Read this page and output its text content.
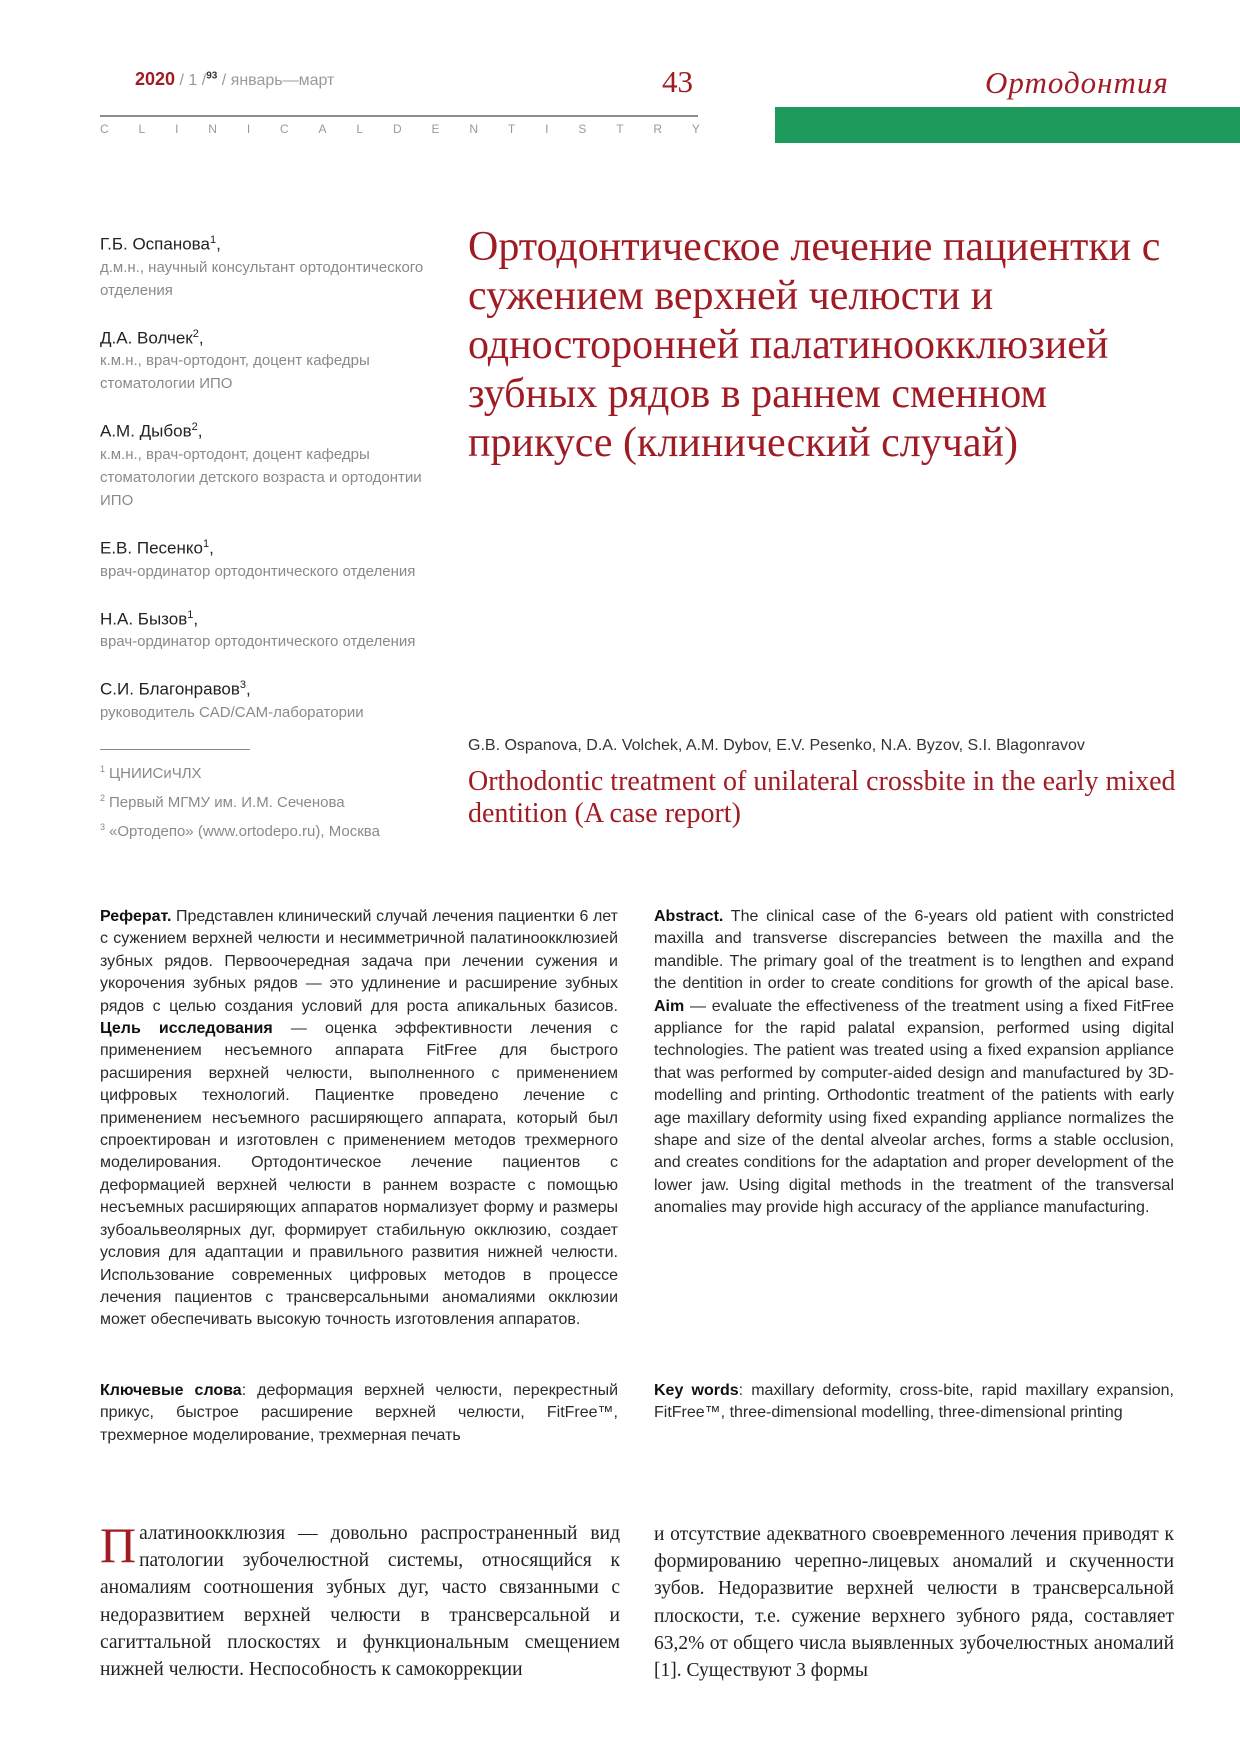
2020 / 1 /$^{93}$ / январь—март	43
C L I N I C A L D E N T I S T R Y
Ортодонтия
Г.Б. Оспанова$^1$,
д.м.н., научный консультант ортодонтического отделения
Д.А. Волчек$^2$,
к.м.н., врач-ортодонт, доцент кафедры стоматологии ИПО
А.М. Дыбов$^2$,
к.м.н., врач-ортодонт, доцент кафедры стоматологии детского возраста и ортодонтии ИПО
Е.В. Песенко$^1$,
врач-ординатор ортодонтического отделения
Н.А. Бызов$^1$,
врач-ординатор ортодонтического отделения
С.И. Благонравов$^3$,
руководитель CAD/CAM-лаборатории
$^1$ ЦНИИСиЧЛХ
$^2$ Первый МГМУ им. И.М. Сеченова
$^3$ «Ортодепо» (www.ortodepo.ru), Москва
Ортодонтическое лечение пациентки с сужением верхней челюсти и односторонней палатиноокклюзией зубных рядов в раннем сменном прикусе (клинический случай)
G.B. Ospanova, D.A. Volchek, A.M. Dybov, E.V. Pesenko, N.A. Byzov, S.I. Blagonravov
Orthodontic treatment of unilateral crossbite in the early mixed dentition (A case report)
Реферат. Представлен клинический случай лечения пациентки 6 лет с сужением верхней челюсти и несимметричной палатиноокклюзией зубных рядов. Первоочередная задача при лечении сужения и укорочения зубных рядов — это удлинение и расширение зубных рядов с целью создания условий для роста апикальных базисов. Цель исследования — оценка эффективности лечения с применением несъемного аппарата FitFree для быстрого расширения верхней челюсти, выполненного с применением цифровых технологий. Пациентке проведено лечение с применением несъемного расширяющего аппарата, который был спроектирован и изготовлен с применением методов трехмерного моделирования. Ортодонтическое лечение пациентов с деформацией верхней челюсти в раннем возрасте с помощью несъемных расширяющих аппаратов нормализует форму и размеры зубоальвеолярных дуг, формирует стабильную окклюзию, создает условия для адаптации и правильного развития нижней челюсти. Использование современных цифровых методов в процессе лечения пациентов с трансверсальными аномалиями окклюзии может обеспечивать высокую точность изготовления аппаратов.
Abstract. The clinical case of the 6-years old patient with constricted maxilla and transverse discrepancies between the maxilla and the mandible. The primary goal of the treatment is to lengthen and expand the dentition in order to create conditions for growth of the apical base. Aim — evaluate the effectiveness of the treatment using a fixed FitFree appliance for the rapid palatal expansion, performed using digital technologies. The patient was treated using a fixed expansion appliance that was performed by computer-aided design and manufactured by 3D-modelling and printing. Orthodontic treatment of the patients with early age maxillary deformity using fixed expanding appliance normalizes the shape and size of the dental alveolar arches, forms a stable occlusion, and creates conditions for the adaptation and proper development of the lower jaw. Using digital methods in the treatment of the transversal anomalies may provide high accuracy of the appliance manufacturing.
Ключевые слова: деформация верхней челюсти, перекрестный прикус, быстрое расширение верхней челюсти, FitFree™, трехмерное моделирование, трехмерная печать
Key words: maxillary deformity, cross-bite, rapid maxillary expansion, FitFree™, three-dimensional modelling, three-dimensional printing
Палатиноокклюзия — довольно распространенный вид патологии зубочелюстной системы, относящийся к аномалиям соотношения зубных дуг, часто связанными с недоразвитием верхней челюсти в трансверсальной и сагиттальной плоскостях и функциональным смещением нижней челюсти. Неспособность к самокоррекции
и отсутствие адекватного своевременного лечения приводят к формированию черепно-лицевых аномалий и скученности зубов. Недоразвитие верхней челюсти в трансверсальной плоскости, т.е. сужение верхнего зубного ряда, составляет 63,2% от общего числа выявленных зубочелюстных аномалий [1]. Существуют 3 формы
